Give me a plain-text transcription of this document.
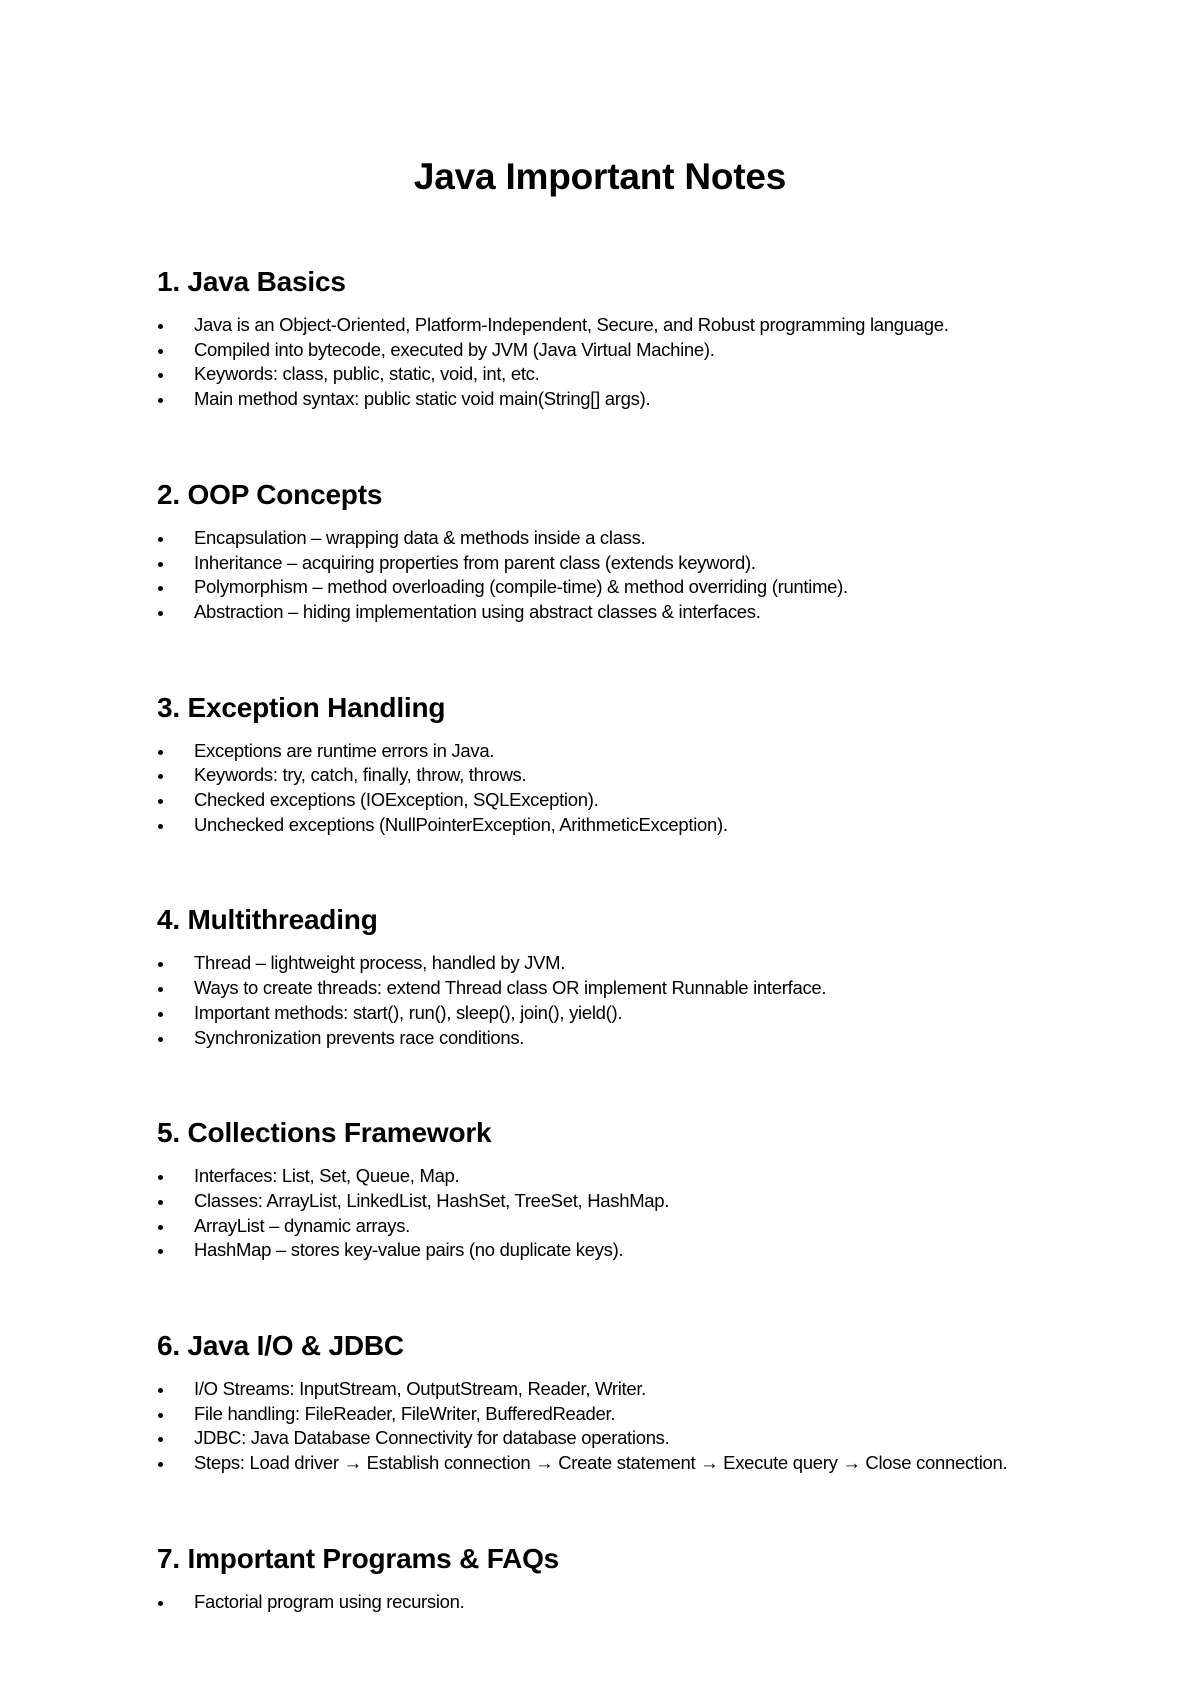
Java Important Notes
1. Java Basics
Java is an Object-Oriented, Platform-Independent, Secure, and Robust programming language.
Compiled into bytecode, executed by JVM (Java Virtual Machine).
Keywords: class, public, static, void, int, etc.
Main method syntax: public static void main(String[] args).
2. OOP Concepts
Encapsulation – wrapping data & methods inside a class.
Inheritance – acquiring properties from parent class (extends keyword).
Polymorphism – method overloading (compile-time) & method overriding (runtime).
Abstraction – hiding implementation using abstract classes & interfaces.
3. Exception Handling
Exceptions are runtime errors in Java.
Keywords: try, catch, finally, throw, throws.
Checked exceptions (IOException, SQLException).
Unchecked exceptions (NullPointerException, ArithmeticException).
4. Multithreading
Thread – lightweight process, handled by JVM.
Ways to create threads: extend Thread class OR implement Runnable interface.
Important methods: start(), run(), sleep(), join(), yield().
Synchronization prevents race conditions.
5. Collections Framework
Interfaces: List, Set, Queue, Map.
Classes: ArrayList, LinkedList, HashSet, TreeSet, HashMap.
ArrayList – dynamic arrays.
HashMap – stores key-value pairs (no duplicate keys).
6. Java I/O & JDBC
I/O Streams: InputStream, OutputStream, Reader, Writer.
File handling: FileReader, FileWriter, BufferedReader.
JDBC: Java Database Connectivity for database operations.
Steps: Load driver → Establish connection → Create statement → Execute query → Close connection.
7. Important Programs & FAQs
Factorial program using recursion.
